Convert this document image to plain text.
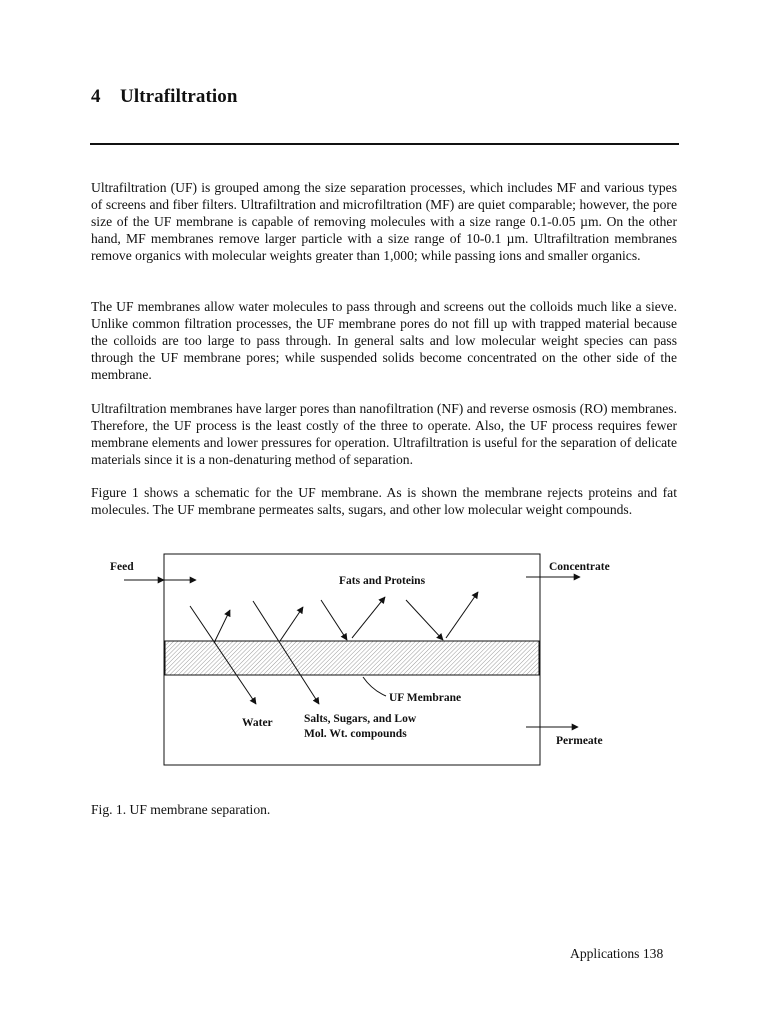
4 Ultrafiltration

Ultrafiltration (UF) is grouped among the size separation processes, which includes MF and various types of screens and fiber filters. Ultrafiltration and microfiltration (MF) are quiet comparable; however, the pore size of the UF membrane is capable of removing molecules with a size range 0.1-0.05 µm. On the other hand, MF membranes remove larger particle with a size range of 10-0.1 µm. Ultrafiltration membranes remove organics with molecular weights greater than 1,000; while passing ions and smaller organics.

The UF membranes allow water molecules to pass through and screens out the colloids much like a sieve. Unlike common filtration processes, the UF membrane pores do not fill up with trapped material because the colloids are too large to pass through. In general salts and low molecular weight species can pass through the UF membrane pores; while suspended solids become concentrated on the other side of the membrane.

Ultrafiltration membranes have larger pores than nanofiltration (NF) and reverse osmosis (RO) membranes. Therefore, the UF process is the least costly of the three to operate. Also, the UF process requires fewer membrane elements and lower pressures for operation. Ultrafiltration is useful for the separation of delicate materials since it is a non-denaturing method of separation.

Figure 1 shows a schematic for the UF membrane. As is shown the membrane rejects proteins and fat molecules. The UF membrane permeates salts, sugars, and other low molecular weight compounds.

Feed	Concentrate
Fats and Proteins
UF Membrane
Water	Salts, Sugars, and Low
Mol. Wt. compounds
Permeate

Fig. 1. UF membrane separation.

Applications 138
